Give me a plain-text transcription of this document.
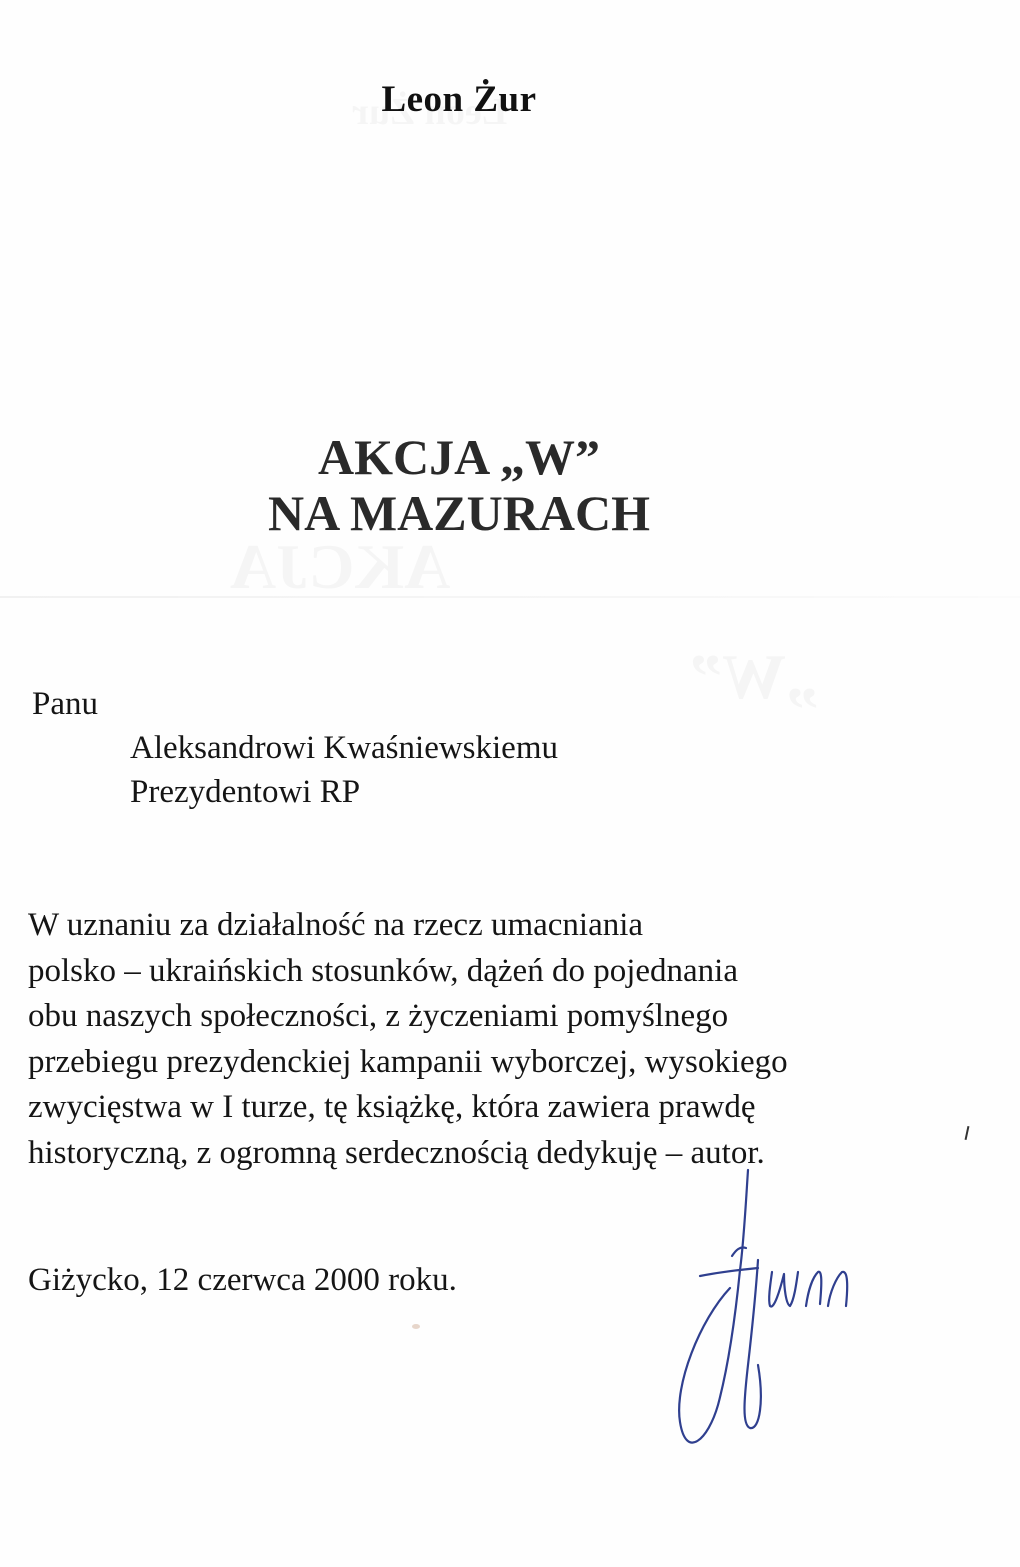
Leon Żur
AKCJA „W”
NA MAZURACH
Panu
Aleksandrowi Kwaśniewskiemu
Prezydentowi RP
W uznaniu za działalność na rzecz umacniania
polsko – ukraińskich stosunków, dążeń do pojednania
obu naszych społeczności, z życzeniami pomyślnego
przebiegu prezydenckiej kampanii wyborczej, wysokiego
zwycięstwa w I turze, tę książkę, która zawiera prawdę
historyczną, z ogromną serdecznością dedykuję – autor.
Giżycko, 12 czerwca 2000 roku.
